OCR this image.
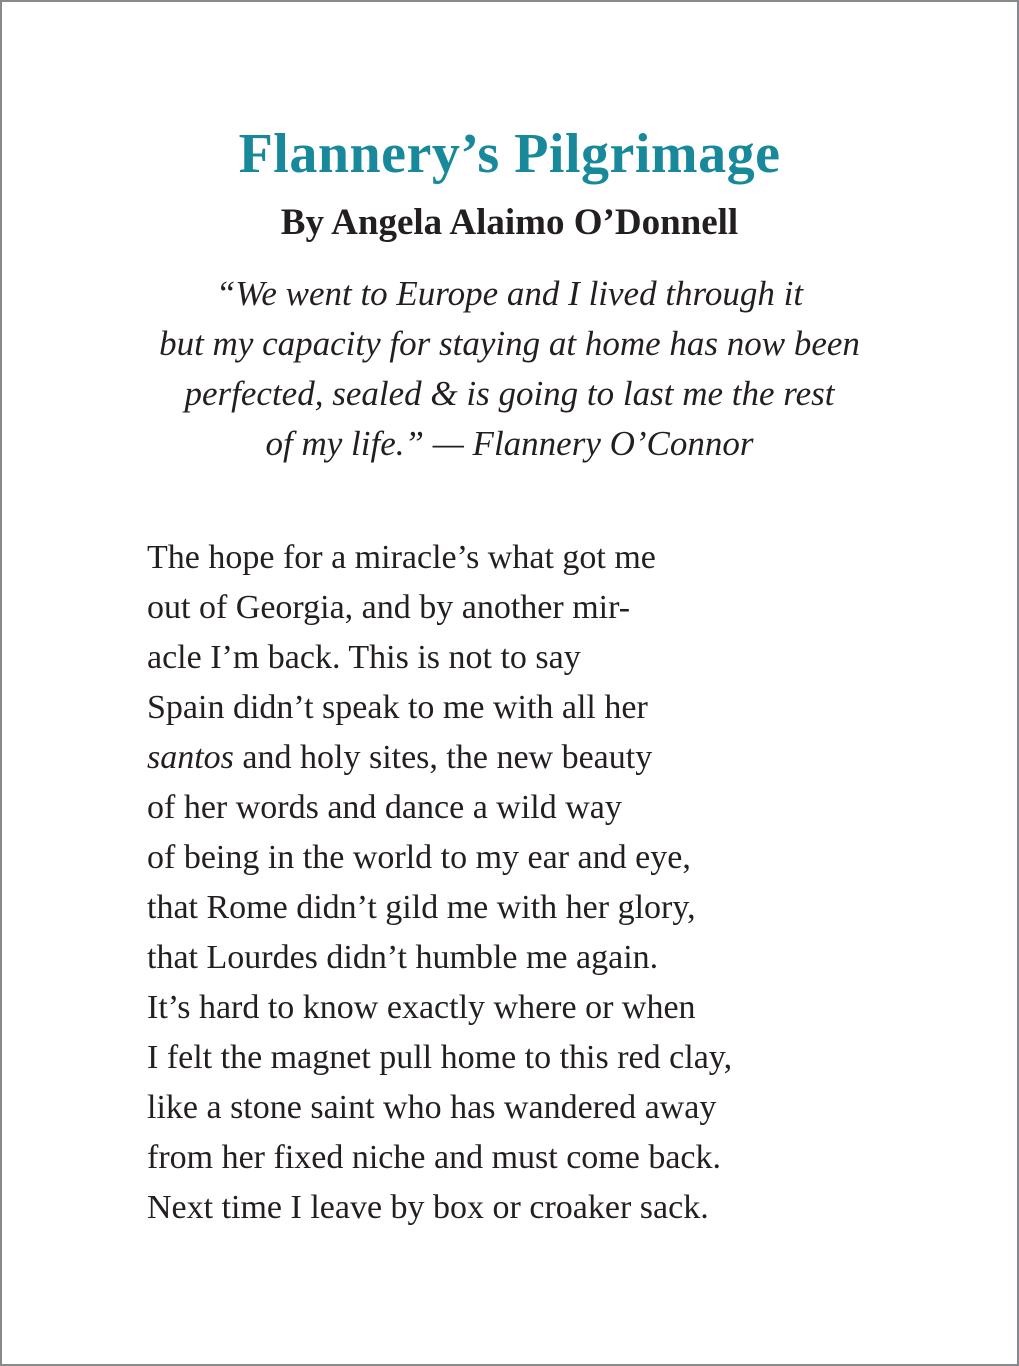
Flannery’s Pilgrimage
By Angela Alaimo O’Donnell
“We went to Europe and I lived through it
but my capacity for staying at home has now been
perfected, sealed & is going to last me the rest
of my life.” — Flannery O’Connor
The hope for a miracle’s what got me
out of Georgia, and by another mir-
acle I’m back. This is not to say
Spain didn’t speak to me with all her
santos and holy sites, the new beauty
of her words and dance a wild way
of being in the world to my ear and eye,
that Rome didn’t gild me with her glory,
that Lourdes didn’t humble me again.
It’s hard to know exactly where or when
I felt the magnet pull home to this red clay,
like a stone saint who has wandered away
from her fixed niche and must come back.
Next time I leave by box or croaker sack.
